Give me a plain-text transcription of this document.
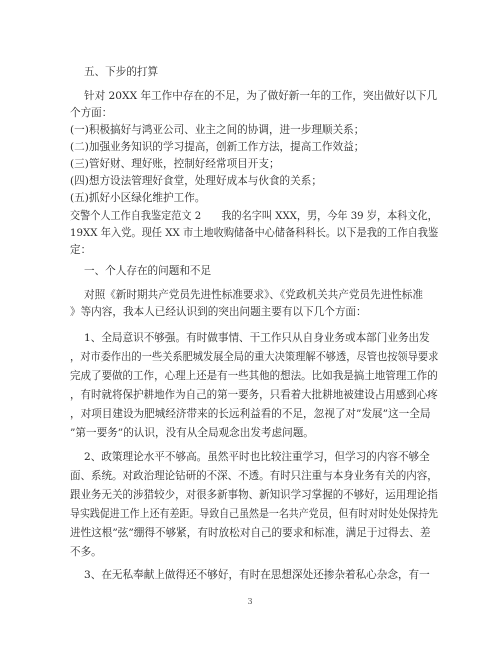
五、下步的打算
针对 20XX 年工作中存在的不足，为了做好新一年的工作，突出做好以下几
个方面：
(一)积极搞好与鸿亚公司、业主之间的协调，进一步理顺关系；
(二)加强业务知识的学习提高，创新工作方法，提高工作效益；
(三)管好财、理好账，控制好经常项目开支；
(四)想方设法管理好食堂，处理好成本与伙食的关系；
(五)抓好小区绿化维护工作。
交警个人工作自我鉴定范文 2　　我的名字叫 XXX，男，今年 39 岁，本科文化，
19XX 年入党。现任 XX 市土地收购储备中心储备科科长。以下是我的工作自我鉴
定：
一、个人存在的问题和不足
对照《新时期共产党员先进性标准要求》、《党政机关共产党员先进性标准
》等内容，我本人已经认识到的突出问题主要有以下几个方面：
1、全局意识不够强。有时做事情、干工作只从自身业务或本部门业务出发
，对市委作出的一些关系肥城发展全局的重大决策理解不够透，尽管也按领导要求
完成了要做的工作，心理上还是有一些其他的想法。比如我是搞土地管理工作的
，有时就将保护耕地作为自己的第一要务，只看着大批耕地被建设占用感到心疼
，对项目建设为肥城经济带来的长远利益看的不足，忽视了对”发展”这一全局
”第一要务”的认识，没有从全局观念出发考虑问题。
2、政策理论水平不够高。虽然平时也比较注重学习，但学习的内容不够全
面、系统。对政治理论钻研的不深、不透。有时只注重与本身业务有关的内容，
跟业务无关的涉猎较少，对很多新事物、新知识学习掌握的不够好，运用理论指
导实践促进工作上还有差距。导致自己虽然是一名共产党员，但有时对时处处保持先
进性这根”弦”绷得不够紧，有时放松对自己的要求和标准，满足于过得去、差
不多。
3、在无私奉献上做得还不够好，有时在思想深处还掺杂着私心杂念，有一
3
